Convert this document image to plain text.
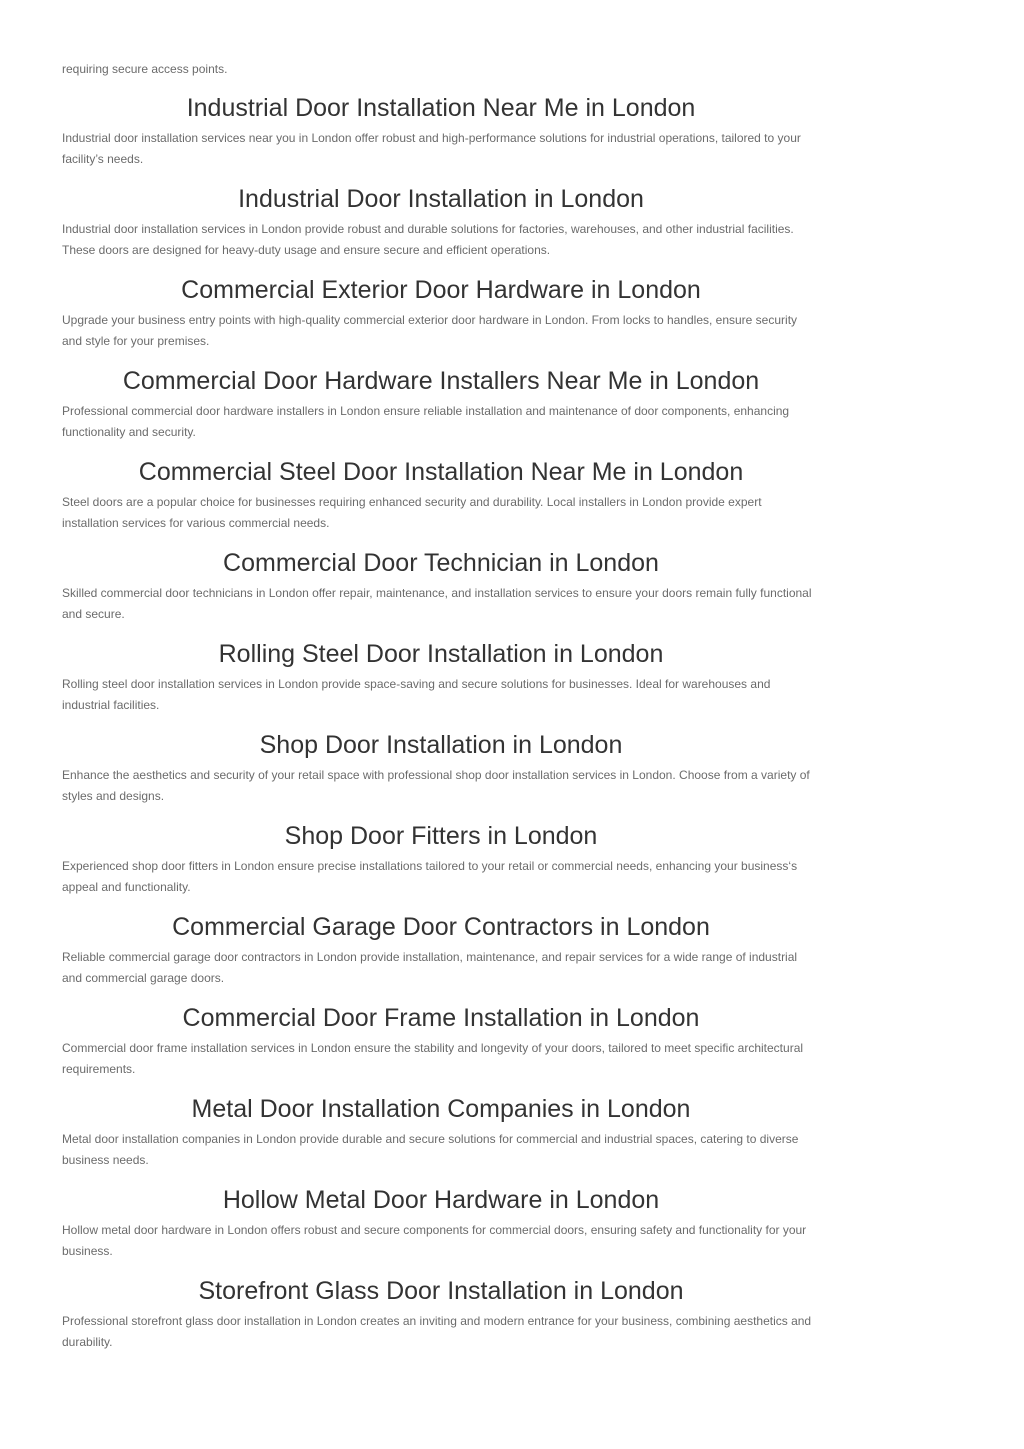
requiring secure access points.

Industrial Door Installation Near Me in London

Industrial door installation services near you in London offer robust and high-performance solutions for industrial operations, tailored to your facility’s needs.

Industrial Door Installation in London

Industrial door installation services in London provide robust and durable solutions for factories, warehouses, and other industrial facilities. These doors are designed for heavy-duty usage and ensure secure and efficient operations.

Commercial Exterior Door Hardware in London

Upgrade your business entry points with high-quality commercial exterior door hardware in London. From locks to handles, ensure security and style for your premises.

Commercial Door Hardware Installers Near Me in London

Professional commercial door hardware installers in London ensure reliable installation and maintenance of door components, enhancing functionality and security.

Commercial Steel Door Installation Near Me in London

Steel doors are a popular choice for businesses requiring enhanced security and durability. Local installers in London provide expert installation services for various commercial needs.

Commercial Door Technician in London

Skilled commercial door technicians in London offer repair, maintenance, and installation services to ensure your doors remain fully functional and secure.

Rolling Steel Door Installation in London

Rolling steel door installation services in London provide space-saving and secure solutions for businesses. Ideal for warehouses and industrial facilities.

Shop Door Installation in London

Enhance the aesthetics and security of your retail space with professional shop door installation services in London. Choose from a variety of styles and designs.

Shop Door Fitters in London

Experienced shop door fitters in London ensure precise installations tailored to your retail or commercial needs, enhancing your business‘s appeal and functionality.

Commercial Garage Door Contractors in London

Reliable commercial garage door contractors in London provide installation, maintenance, and repair services for a wide range of industrial and commercial garage doors.

Commercial Door Frame Installation in London

Commercial door frame installation services in London ensure the stability and longevity of your doors, tailored to meet specific architectural requirements.

Metal Door Installation Companies in London

Metal door installation companies in London provide durable and secure solutions for commercial and industrial spaces, catering to diverse business needs.

Hollow Metal Door Hardware in London

Hollow metal door hardware in London offers robust and secure components for commercial doors, ensuring safety and functionality for your business.

Storefront Glass Door Installation in London

Professional storefront glass door installation in London creates an inviting and modern entrance for your business, combining aesthetics and durability.
